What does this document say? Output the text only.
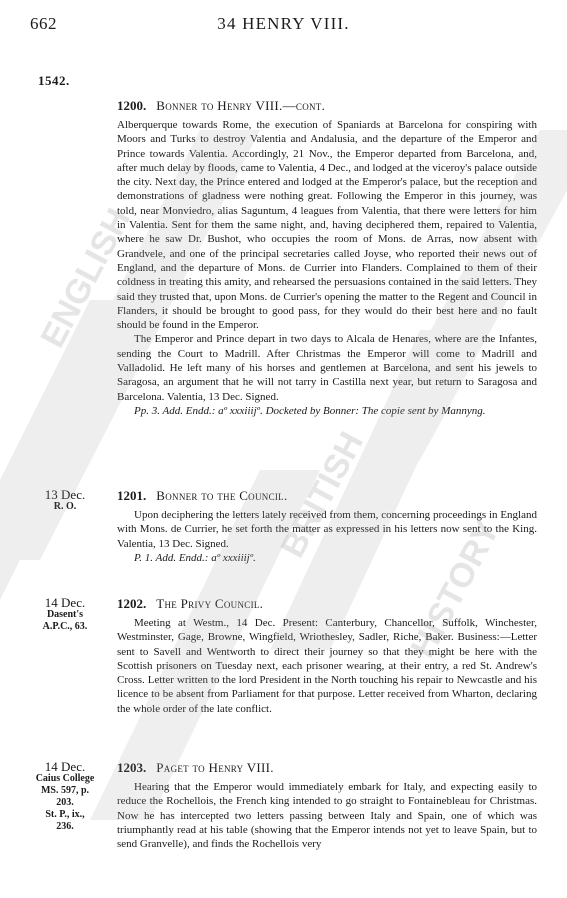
662	34 HENRY VIII.
1542.
1200. Bonner to Henry VIII.—cont.

Alberquerque towards Rome, the execution of Spaniards at Barcelona for conspiring with Moors and Turks to destroy Valentia and Andalusia, and the departure of the Emperor and Prince towards Valentia. Accordingly, 21 Nov., the Emperor departed from Barcelona, and, after much delay by floods, came to Valentia, 4 Dec., and lodged at the viceroy's palace outside the city. Next day, the Prince entered and lodged at the Emperor's palace, but the reception and demonstrations of gladness were nothing great. Following the Emperor in this journey, was told, near Monviedro, alias Saguntum, 4 leagues from Valentia, that there were letters for him in Valentia. Sent for them the same night, and, having deciphered them, repaired to Valentia, where he saw Dr. Bushot, who occupies the room of Mons. de Arras, now absent with Grandvele, and one of the principal secretaries called Joyse, who reported their news out of England, and the departure of Mons. de Currier into Flanders. Complained to them of their coldness in treating this amity, and rehearsed the persuasions contained in the said letters. They said they trusted that, upon Mons. de Currier's opening the matter to the Regent and Council in Flanders, it should be brought to good pass, for they would do their best here and no fault should be found in the Emperor.

The Emperor and Prince depart in two days to Alcala de Henares, where are the Infantes, sending the Court to Madrill. After Christmas the Emperor will come to Madrill and Valladolid. He left many of his horses and gentlemen at Barcelona, and sent his jewels to Saragosa, an argument that he will not tarry in Castilla next year, but return to Saragosa and Barcelona. Valentia, 13 Dec. Signed.

Pp. 3. Add. Endd.: aº xxxiiijº. Docketed by Bonner: The copie sent by Mannyng.

13 Dec.
R. O.
1201. Bonner to the Council.

Upon deciphering the letters lately received from them, concerning proceedings in England with Mons. de Currier, he set forth the matter as expressed in his letters now sent to the King. Valentia, 13 Dec. Signed.

P. 1. Add. Endd.: aº xxxiiijº.

14 Dec.
Dasent's
A.P.C., 63.
1202. The Privy Council.

Meeting at Westm., 14 Dec. Present: Canterbury, Chancellor, Suffolk, Winchester, Westminster, Gage, Browne, Wingfield, Wriothesley, Sadler, Riche, Baker. Business:—Letter sent to Savell and Wentworth to direct their journey so that they might be here with the Scottish prisoners on Tuesday next, each prisoner wearing, at their entry, a red St. Andrew's Cross. Letter written to the lord President in the North touching his repair to Newcastle and his licence to be absent from Parliament for that purpose. Letter received from Wharton, declaring the whole order of the late conflict.

14 Dec.
Caius College
MS. 597, p.
203.
St. P., ix.,
236.
1203. Paget to Henry VIII.

Hearing that the Emperor would immediately embark for Italy, and expecting easily to reduce the Rochellois, the French king intended to go straight to Fontainebleau for Christmas. Now he has intercepted two letters passing between Italy and Spain, one of which was triumphantly read at his table (showing that the Emperor intends not yet to leave Spain, but to send Granvelle), and finds the Rochellois very

ENGLISH
HISTORY
BRITISH
